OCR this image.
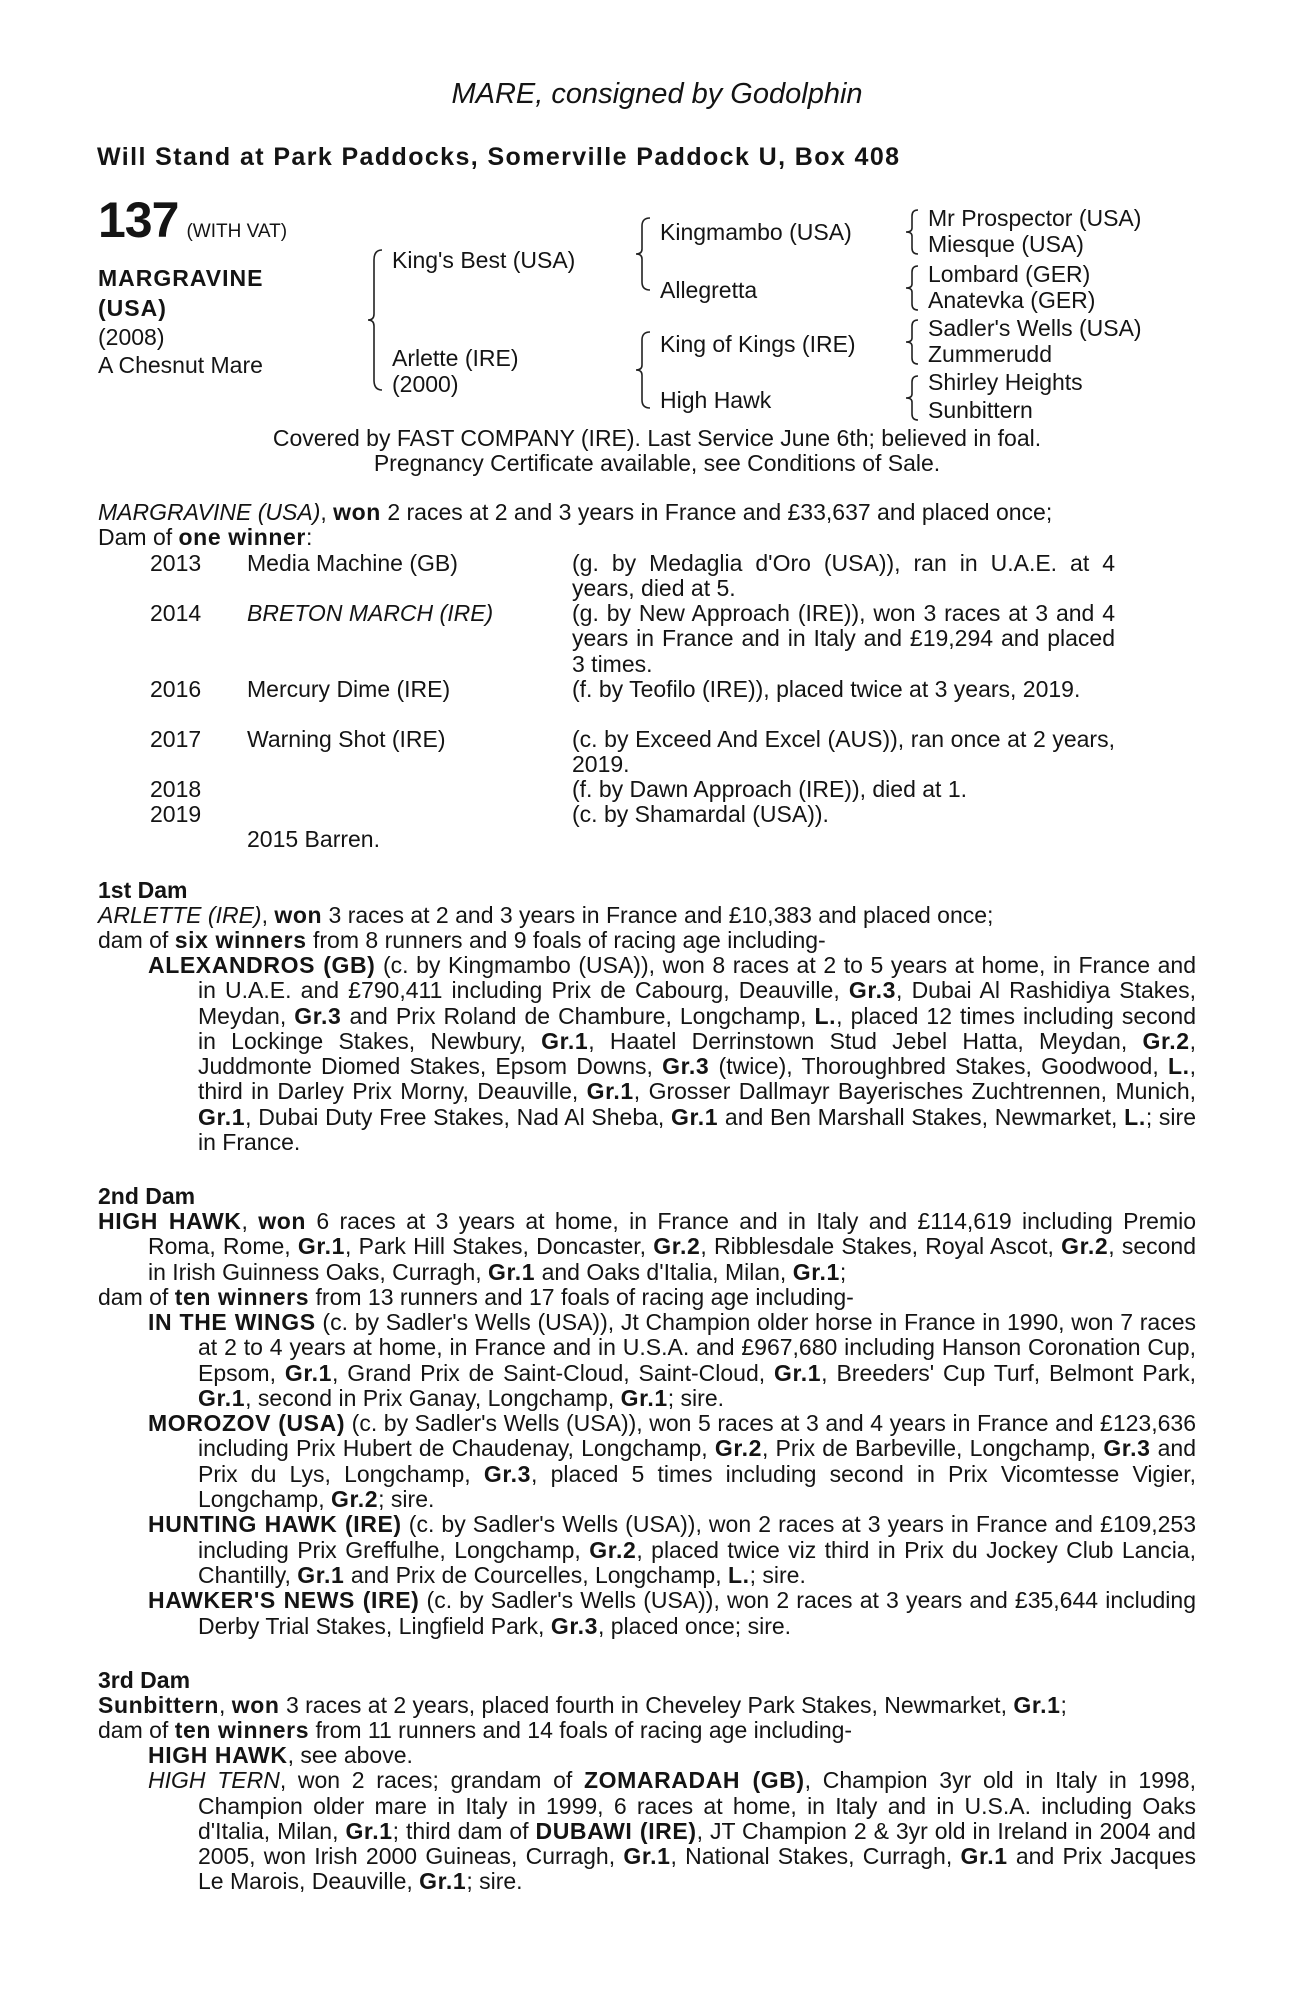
MARE, consigned by Godolphin
Will Stand at Park Paddocks, Somerville Paddock U, Box 408
137 (WITH VAT)
MARGRAVINE (USA)
(2008)
A Chesnut Mare
King's Best (USA)
Arlette (IRE)
(2000)
Kingmambo (USA)
Allegretta
King of Kings (IRE)
High Hawk
Mr Prospector (USA)
Miesque (USA)
Lombard (GER)
Anatevka (GER)
Sadler's Wells (USA)
Zummerudd
Shirley Heights
Sunbittern
Covered by FAST COMPANY (IRE). Last Service June 6th; believed in foal.
Pregnancy Certificate available, see Conditions of Sale.
MARGRAVINE (USA), won 2 races at 2 and 3 years in France and £33,637 and placed once;
Dam of one winner:
2013 Media Machine (GB)	(g. by Medaglia d'Oro (USA)), ran in U.A.E. at 4 years, died at 5.
2014 BRETON MARCH (IRE)	(g. by New Approach (IRE)), won 3 races at 3 and 4 years in France and in Italy and £19,294 and placed 3 times.
2016 Mercury Dime (IRE)	(f. by Teofilo (IRE)), placed twice at 3 years, 2019.
2017 Warning Shot (IRE)	(c. by Exceed And Excel (AUS)), ran once at 2 years, 2019.
2018	(f. by Dawn Approach (IRE)), died at 1.
2019	(c. by Shamardal (USA)).
2015 Barren.
1st Dam
ARLETTE (IRE), won 3 races at 2 and 3 years in France and £10,383 and placed once;
dam of six winners from 8 runners and 9 foals of racing age including-
ALEXANDROS (GB) (c. by Kingmambo (USA)), won 8 races at 2 to 5 years at home, in France and in U.A.E. and £790,411 including Prix de Cabourg, Deauville, Gr.3, Dubai Al Rashidiya Stakes, Meydan, Gr.3 and Prix Roland de Chambure, Longchamp, L., placed 12 times including second in Lockinge Stakes, Newbury, Gr.1, Haatel Derrinstown Stud Jebel Hatta, Meydan, Gr.2, Juddmonte Diomed Stakes, Epsom Downs, Gr.3 (twice), Thoroughbred Stakes, Goodwood, L., third in Darley Prix Morny, Deauville, Gr.1, Grosser Dallmayr Bayerisches Zuchtrennen, Munich, Gr.1, Dubai Duty Free Stakes, Nad Al Sheba, Gr.1 and Ben Marshall Stakes, Newmarket, L.; sire in France.
2nd Dam
HIGH HAWK, won 6 races at 3 years at home, in France and in Italy and £114,619 including Premio Roma, Rome, Gr.1, Park Hill Stakes, Doncaster, Gr.2, Ribblesdale Stakes, Royal Ascot, Gr.2, second in Irish Guinness Oaks, Curragh, Gr.1 and Oaks d'Italia, Milan, Gr.1;
dam of ten winners from 13 runners and 17 foals of racing age including-
IN THE WINGS (c. by Sadler's Wells (USA)), Jt Champion older horse in France in 1990, won 7 races at 2 to 4 years at home, in France and in U.S.A. and £967,680 including Hanson Coronation Cup, Epsom, Gr.1, Grand Prix de Saint-Cloud, Saint-Cloud, Gr.1, Breeders' Cup Turf, Belmont Park, Gr.1, second in Prix Ganay, Longchamp, Gr.1; sire.
MOROZOV (USA) (c. by Sadler's Wells (USA)), won 5 races at 3 and 4 years in France and £123,636 including Prix Hubert de Chaudenay, Longchamp, Gr.2, Prix de Barbeville, Longchamp, Gr.3 and Prix du Lys, Longchamp, Gr.3, placed 5 times including second in Prix Vicomtesse Vigier, Longchamp, Gr.2; sire.
HUNTING HAWK (IRE) (c. by Sadler's Wells (USA)), won 2 races at 3 years in France and £109,253 including Prix Greffulhe, Longchamp, Gr.2, placed twice viz third in Prix du Jockey Club Lancia, Chantilly, Gr.1 and Prix de Courcelles, Longchamp, L.; sire.
HAWKER'S NEWS (IRE) (c. by Sadler's Wells (USA)), won 2 races at 3 years and £35,644 including Derby Trial Stakes, Lingfield Park, Gr.3, placed once; sire.
3rd Dam
Sunbittern, won 3 races at 2 years, placed fourth in Cheveley Park Stakes, Newmarket, Gr.1;
dam of ten winners from 11 runners and 14 foals of racing age including-
HIGH HAWK, see above.
HIGH TERN, won 2 races; grandam of ZOMARADAH (GB), Champion 3yr old in Italy in 1998, Champion older mare in Italy in 1999, 6 races at home, in Italy and in U.S.A. including Oaks d'Italia, Milan, Gr.1; third dam of DUBAWI (IRE), JT Champion 2 & 3yr old in Ireland in 2004 and 2005, won Irish 2000 Guineas, Curragh, Gr.1, National Stakes, Curragh, Gr.1 and Prix Jacques Le Marois, Deauville, Gr.1; sire.
